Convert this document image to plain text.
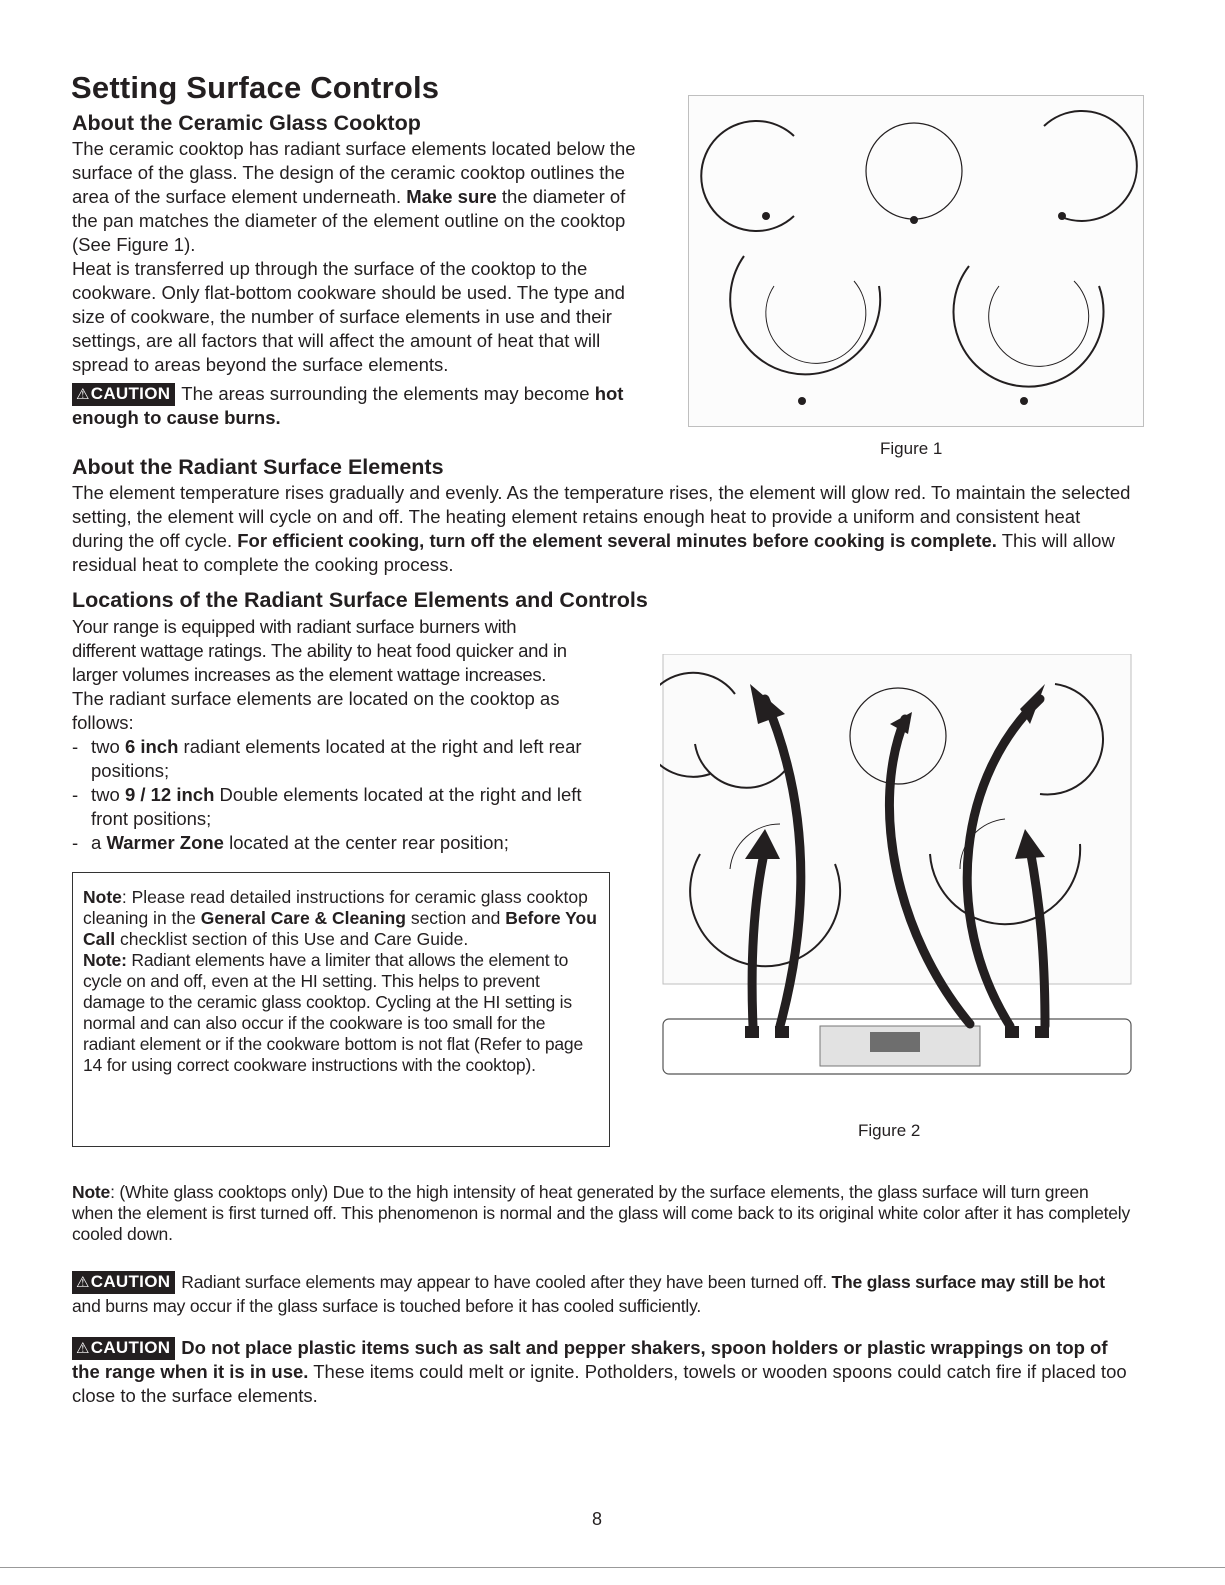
Setting Surface Controls
About the Ceramic Glass Cooktop

The ceramic cooktop has radiant surface elements located below the surface of the glass. The design of the ceramic cooktop outlines the area of the surface element underneath. Make sure the diameter of the pan matches the diameter of the element outline on the cooktop (See Figure 1).

Heat is transferred up through the surface of the cooktop to the cookware. Only flat-bottom cookware should be used. The type and size of cookware, the number of surface elements in use and their settings, are all factors that will affect the amount of heat that will spread to areas beyond the surface elements.

⚠CAUTION The areas surrounding the elements may become hot enough to cause burns.

Figure 1
About the Radiant Surface Elements

The element temperature rises gradually and evenly. As the temperature rises, the element will glow red. To maintain the selected setting, the element will cycle on and off. The heating element retains enough heat to provide a uniform and consistent heat during the off cycle. For efficient cooking, turn off the element several minutes before cooking is complete. This will allow residual heat to complete the cooking process.

Locations of the Radiant Surface Elements and Controls

Your range is equipped with radiant surface burners with different wattage ratings. The ability to heat food quicker and in larger volumes increases as the element wattage increases.

The radiant surface elements are located on the cooktop as follows:

- two 6 inch radiant elements located at the right and left rear positions;
- two 9 / 12 inch Double elements located at the right and left front positions;
- a Warmer Zone located at the center rear position;

Note: Please read detailed instructions for ceramic glass cooktop cleaning in the General Care & Cleaning section and Before You Call checklist section of this Use and Care Guide.

Note: Radiant elements have a limiter that allows the element to cycle on and off, even at the HI setting. This helps to prevent damage to the ceramic glass cooktop. Cycling at the HI setting is normal and can also occur if the cookware is too small for the radiant element or if the cookware bottom is not flat (Refer to page 14 for using correct cookware instructions with the cooktop).

Figure 2

Note: (White glass cooktops only) Due to the high intensity of heat generated by the surface elements, the glass surface will turn green when the element is first turned off. This phenomenon is normal and the glass will come back to its original white color after it has completely cooled down.

⚠CAUTION Radiant surface elements may appear to have cooled after they have been turned off. The glass surface may still be hot and burns may occur if the glass surface is touched before it has cooled sufficiently.

⚠CAUTION Do not place plastic items such as salt and pepper shakers, spoon holders or plastic wrappings on top of the range when it is in use. These items could melt or ignite. Potholders, towels or wooden spoons could catch fire if placed too close to the surface elements.

8
